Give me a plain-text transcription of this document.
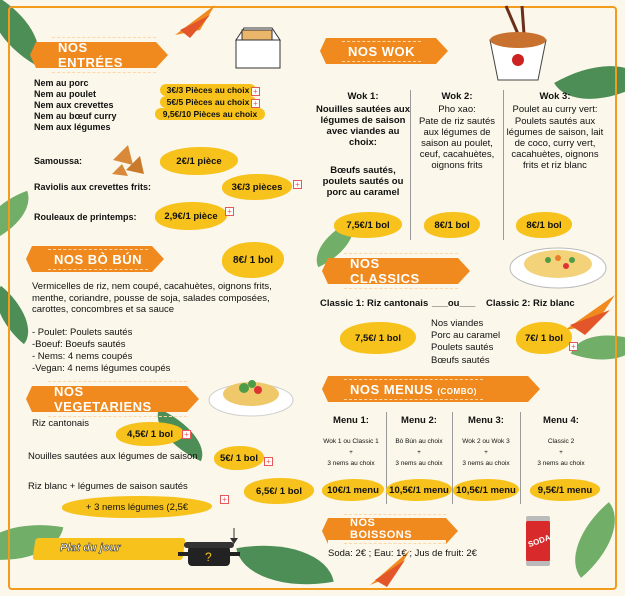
NOS ENTRÉES
Nem au porc
Nem au poulet
Nem aux crevettes
Nem au bœuf curry
Nem aux légumes
3€/3 Pièces au choix +
5€/5 Pièces au choix +
9,5€/10 Pièces au choix
Samoussa:	2€/1 pièce
Raviolis aux crevettes frits:	3€/3 pièces	+
Rouleaux de printemps:	2,9€/1 pièce	+
NOS BÒ BÚN	8€/ 1 bol
Vermicelles de riz, nem coupé, cacahuètes, oignons frits, menthe, coriandre, pousse de soja, salades composées, carottes, concombres et sa sauce
- Poulet: Poulets sautés
-Boeuf: Boeufs sautés
- Nems: 4 nems coupés
-Vegan: 4 nems légumes coupés
NOS VEGETARIENS
Riz cantonais
4,5€/ 1 bol	+
Nouilles sautées aux légumes de saison	5€/ 1 bol	+
Riz blanc + légumes de saison sautés	6,5€/ 1 bol
+ 3 nems légumes (2,5€
+
Plat du jour
?
NOS WOK
Wok 1:
Nouilles sautées aux légumes de saison avec viandes au choix:
Bœufs sautés, poulets sautés ou porc au caramel
7,5€/1 bol
Wok 2:
Pho xao:
Pate de riz sautés aux légumes de saison au poulet, ceuf, cacahuètes, oignons frits
8€/1 bol
Wok 3:
Poulet au curry vert:
Poulets sautés aux légumes de saison, lait de coco, curry vert, cacahuètes, oignons frits et riz blanc
8€/1 bol
NOS CLASSICS
Classic 1: Riz cantonais ___ou___ Classic 2: Riz blanc
Nos viandes
Porc au caramel
Poulets sautés
Bœufs sautés
7,5€/ 1 bol	7€/ 1 bol
+
NOS MENUS (COMBO)
Menu 1:
Wok 1 ou Classic 1
+
3 nems au choix
10€/1 menu
Menu 2:
Bò Bún au choix
+
3 nems au choix
10,5€/1 menu
Menu 3:
Wok 2 ou Wok 3
+
3 nems au choix
10,5€/1 menu
Menu 4:
Classic 2
+
3 nems au choix
9,5€/1 menu
NOS BOISSONS
Soda: 2€ ; Eau: 1€ ; Jus de fruit: 2€
SODA
